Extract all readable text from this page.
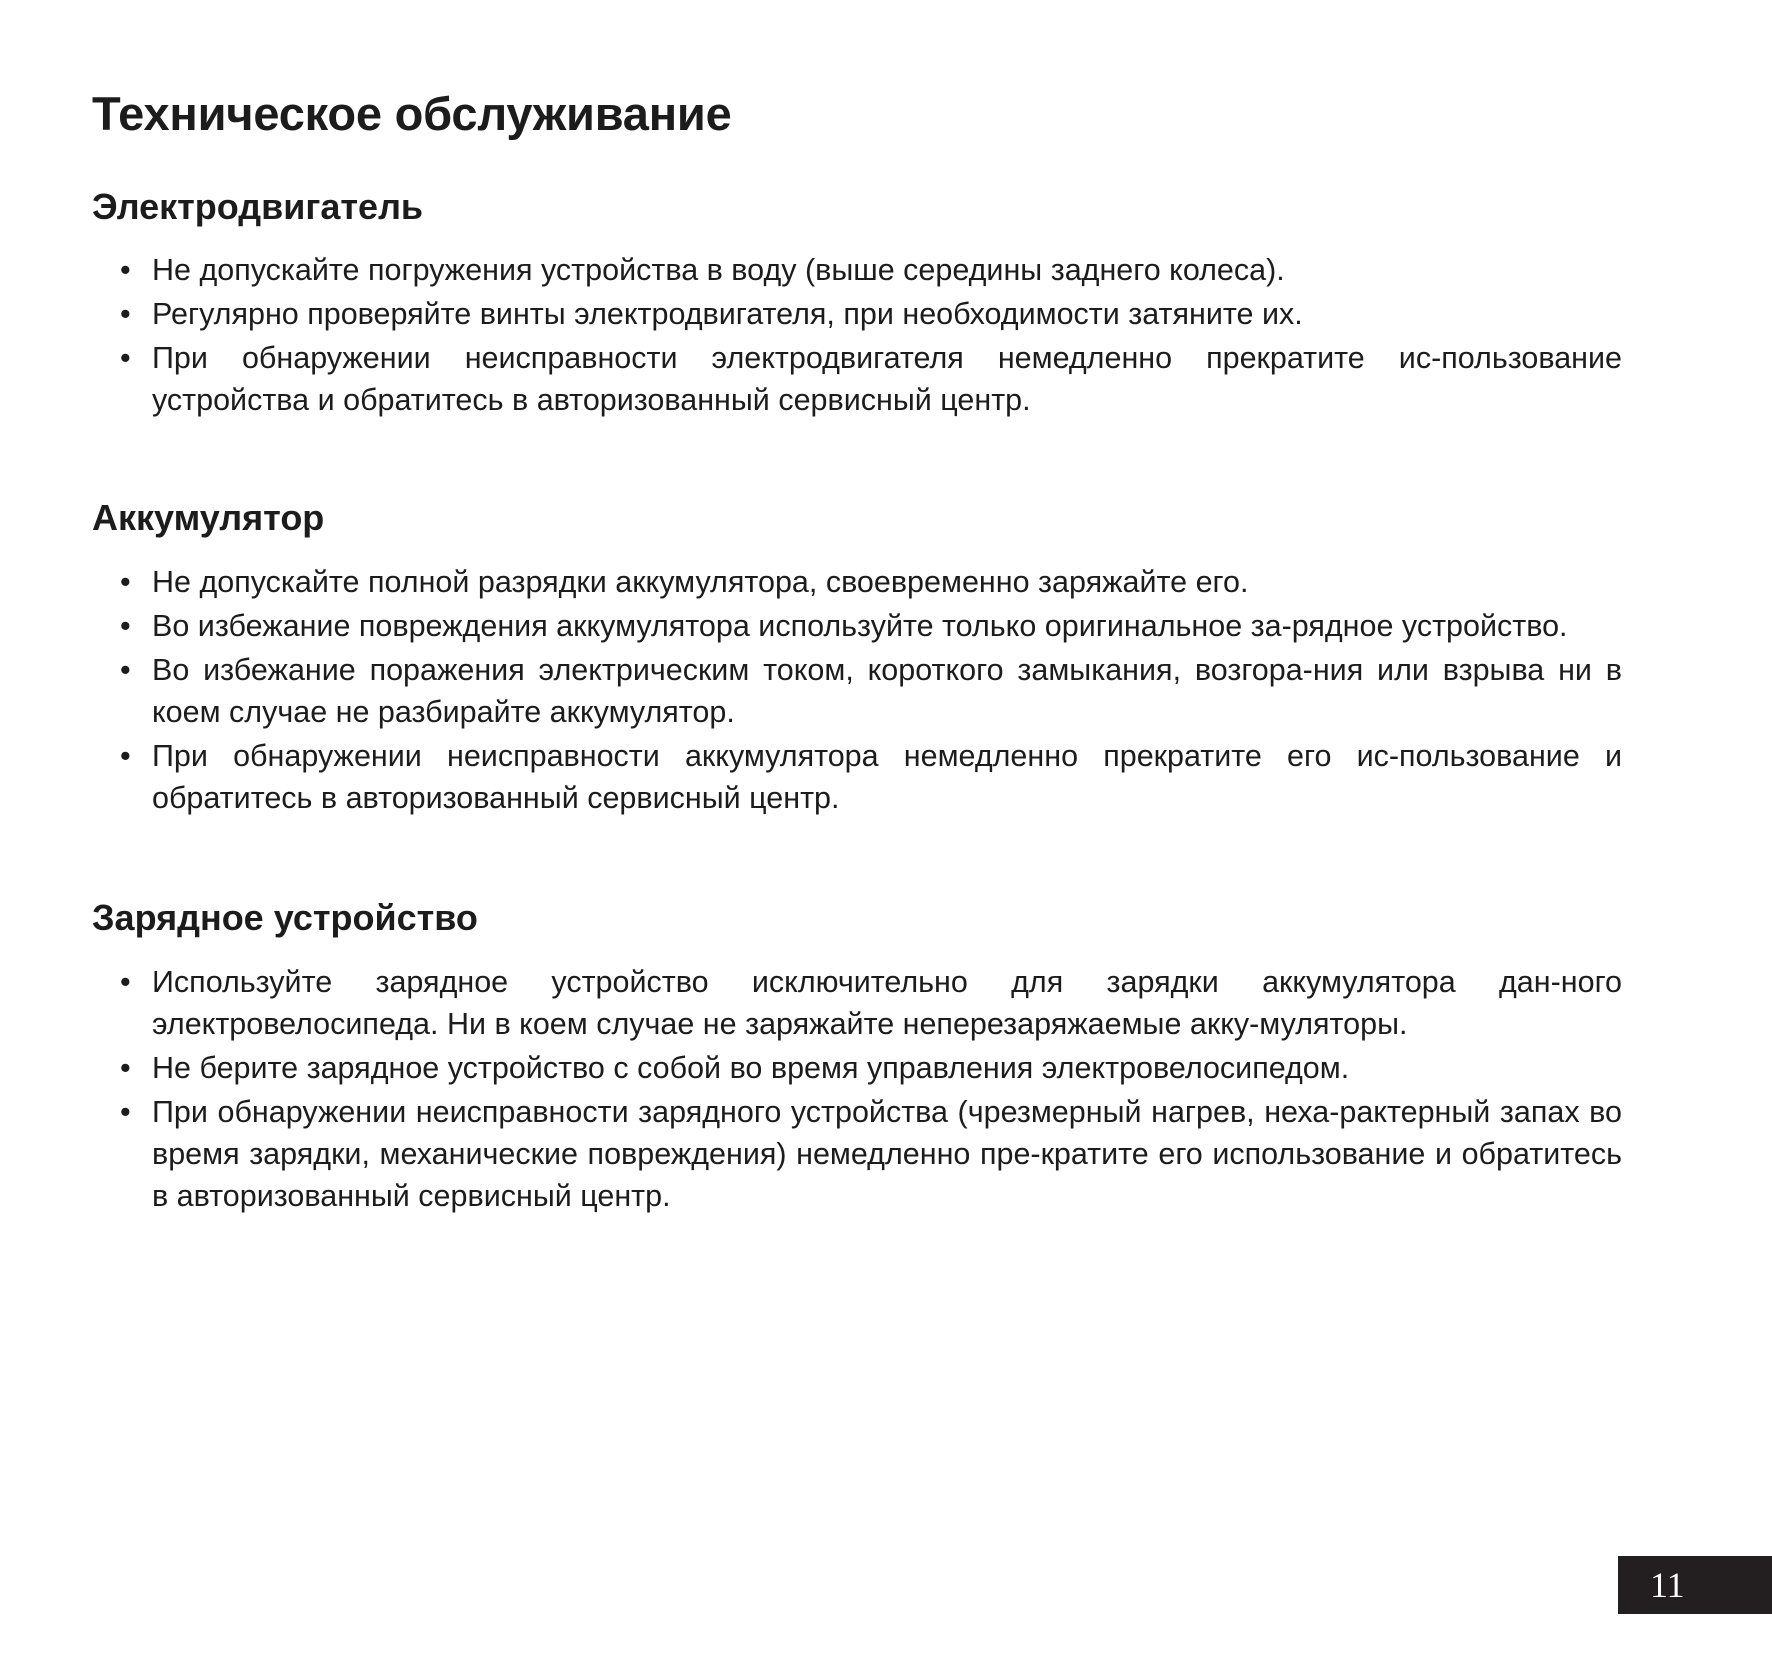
Техническое обслуживание
Электродвигатель
• Не допускайте погружения устройства в воду (выше середины заднего колеса).
• Регулярно проверяйте винты электродвигателя, при необходимости затяните их.
• При обнаружении неисправности электродвигателя немедленно прекратите ис-пользование устройства и обратитесь в авторизованный сервисный центр.
Аккумулятор
• Не допускайте полной разрядки аккумулятора, своевременно заряжайте его.
• Во избежание повреждения аккумулятора используйте только оригинальное за-рядное устройство.
• Во избежание поражения электрическим током, короткого замыкания, возгора-ния или взрыва ни в коем случае не разбирайте аккумулятор.
• При обнаружении неисправности аккумулятора немедленно прекратите его ис-пользование и обратитесь в авторизованный сервисный центр.
Зарядное устройство
• Используйте зарядное устройство исключительно для зарядки аккумулятора дан-ного электровелосипеда. Ни в коем случае не заряжайте неперезаряжаемые акку-муляторы.
• Не берите зарядное устройство с собой во время управления электровелосипедом.
• При обнаружении неисправности зарядного устройства (чрезмерный нагрев, неха-рактерный запах во время зарядки, механические повреждения) немедленно пре-кратите его использование и обратитесь в авторизованный сервисный центр.
11
